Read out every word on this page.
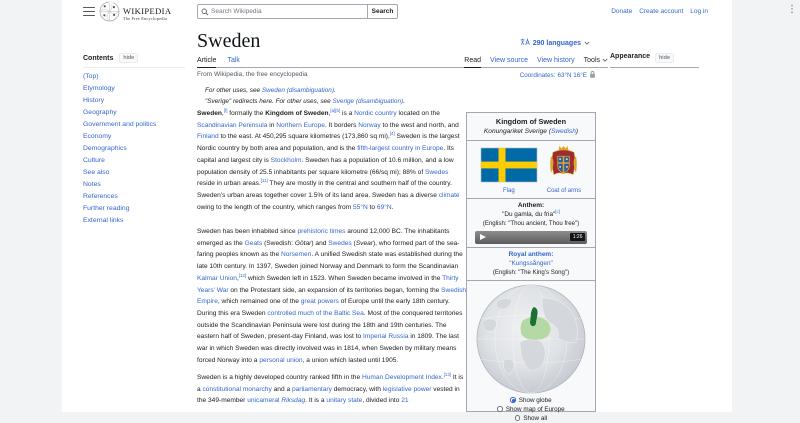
⋮
WIKIPEDIA
The Free Encyclopedia
Search Wikipedia
Search	Donate Create account Log in
Sweden	290 languages
Article Talk	Read View source View history Tools
Appearance	hide
From Wikipedia, the free encyclopedia	Coordinates: 63°N 16°E
Contents	hide
(Top)
Etymology
History
Geography
Government and politics
Economy
Demographics
Culture
See also
Notes
References
Further reading
External links
For other uses, see Sweden (disambiguation).
"Sverige" redirects here. For other uses, see Sverige (disambiguation).

Sweden,[f] formally the Kingdom of Sweden,[a][b] is a Nordic country located on the Scandinavian Peninsula in Northern Europe. It borders Norway to the west and north, and Finland to the east. At 450,295 square kilometres (173,860 sq mi),[4] Sweden is the largest Nordic country by both area and population, and is the fifth-largest country in Europe. Its capital and largest city is Stockholm. Sweden has a population of 10.6 million, and a low population density of 25.5 inhabitants per square kilometre (66/sq mi); 88% of Swedes reside in urban areas.[11] They are mostly in the central and southern half of the country. Sweden's urban areas together cover 1.5% of its land area. Sweden has a diverse climate owing to the length of the country, which ranges from 55°N to 69°N.

Sweden has been inhabited since prehistoric times around 12,000 BC. The inhabitants emerged as the Geats (Swedish: Götar) and Swedes (Svear), who formed part of the sea-faring peoples known as the Norsemen. A unified Swedish state was established during the late 10th century. In 1397, Sweden joined Norway and Denmark to form the Scandinavian Kalmar Union,[12] which Sweden left in 1523. When Sweden became involved in the Thirty Years' War on the Protestant side, an expansion of its territories began, forming the Swedish Empire, which remained one of the great powers of Europe until the early 18th century. During this era Sweden controlled much of the Baltic Sea. Most of the conquered territories outside the Scandinavian Peninsula were lost during the 18th and 19th centuries. The eastern half of Sweden, present-day Finland, was lost to Imperial Russia in 1809. The last war in which Sweden was directly involved was in 1814, when Sweden by military means forced Norway into a personal union, a union which lasted until 1905.

Sweden is a highly developed country ranked fifth in the Human Development Index.[13] It is a constitutional monarchy and a parliamentary democracy, with legislative power vested in the 349-member unicameral Riksdag. It is a unitary state, divided into 21

Kingdom of Sweden
Konungariket Sverige (Swedish)
Flag	Coat of arms
Anthem:
"Du gamla, du fria"[c]
(English: "Thou ancient, Thou free")
1:26
Royal anthem:
"Kungssången"
(English: "The King's Song")
Show globe
Show map of Europe
Show all
